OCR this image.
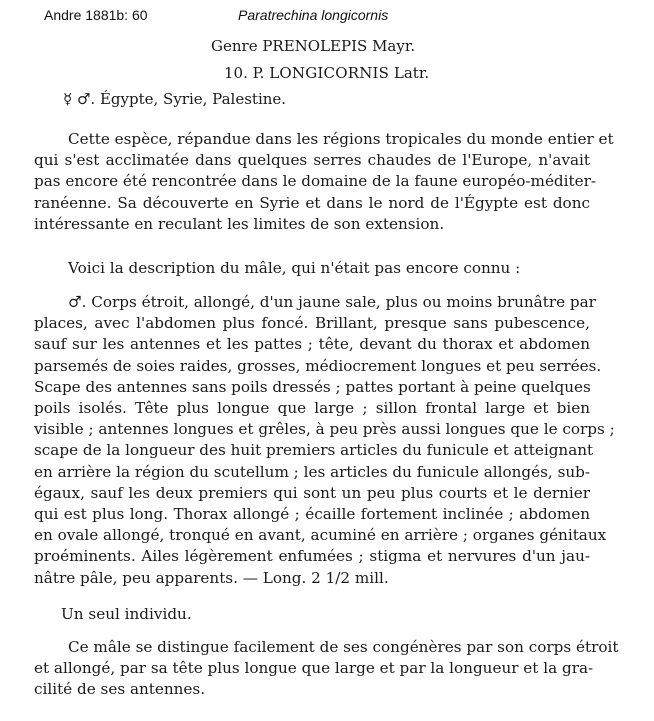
Andre 1881b: 60	Paratrechina longicornis
Genre PRENOLEPIS Mayr.
10. P. LONGICORNIS Latr.
☿ ♂. Égypte, Syrie, Palestine.
Cette espèce, répandue dans les régions tropicales du monde entier et
qui s'est acclimatée dans quelques serres chaudes de l'Europe, n'avait
pas encore été rencontrée dans le domaine de la faune européo-méditer-
ranéenne. Sa découverte en Syrie et dans le nord de l'Égypte est donc
intéressante en reculant les limites de son extension.
Voici la description du mâle, qui n'était pas encore connu :
♂. Corps étroit, allongé, d'un jaune sale, plus ou moins brunâtre par
places, avec l'abdomen plus foncé. Brillant, presque sans pubescence,
sauf sur les antennes et les pattes ; tête, devant du thorax et abdomen
parsemés de soies raides, grosses, médiocrement longues et peu serrées.
Scape des antennes sans poils dressés ; pattes portant à peine quelques
poils isolés. Tête plus longue que large ; sillon frontal large et bien
visible ; antennes longues et grêles, à peu près aussi longues que le corps ;
scape de la longueur des huit premiers articles du funicule et atteignant
en arrière la région du scutellum ; les articles du funicule allongés, sub-
égaux, sauf les deux premiers qui sont un peu plus courts et le dernier
qui est plus long. Thorax allongé ; écaille fortement inclinée ; abdomen
en ovale allongé, tronqué en avant, acuminé en arrière ; organes génitaux
proéminents. Ailes légèrement enfumées ; stigma et nervures d'un jau-
nâtre pâle, peu apparents. — Long. 2 1/2 mill.
Un seul individu.
Ce mâle se distingue facilement de ses congénères par son corps étroit
et allongé, par sa tête plus longue que large et par la longueur et la gra-
cilité de ses antennes.
